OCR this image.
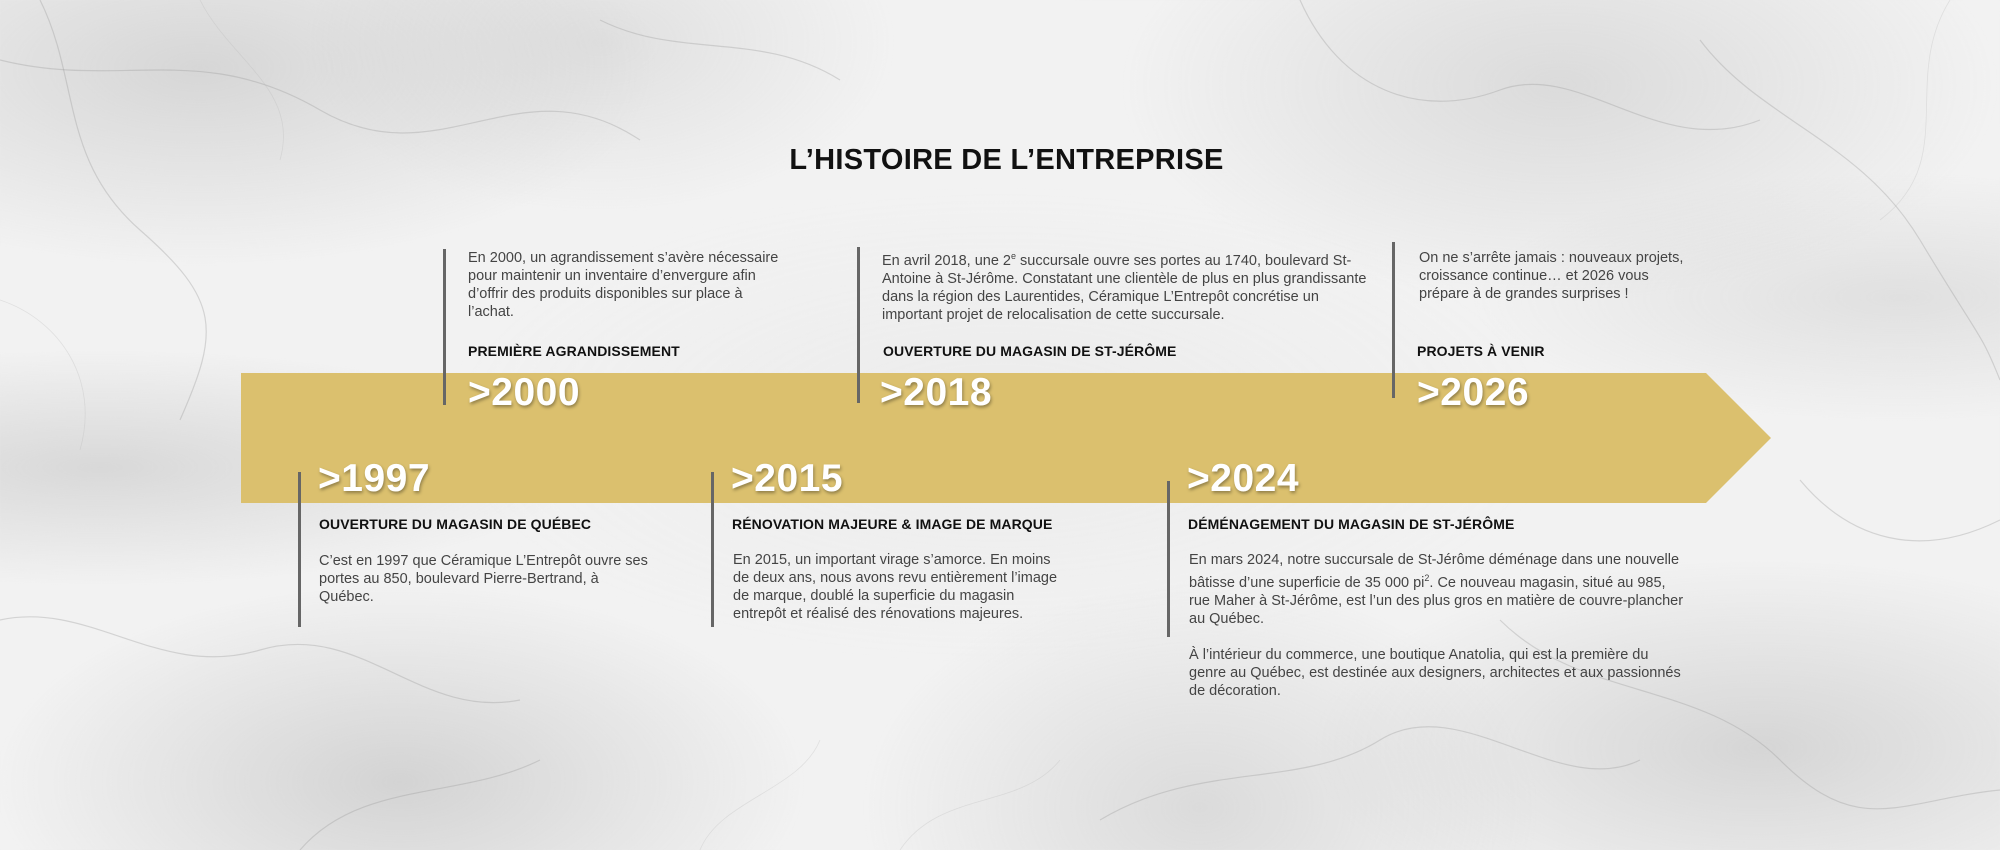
L’HISTOIRE DE L’ENTREPRISE
>1997
OUVERTURE DU MAGASIN DE QUÉBEC

C’est en 1997 que Céramique L’Entrepôt ouvre ses portes au 850, boulevard Pierre-Bertrand, à Québec.

En 2000, un agrandissement s’avère nécessaire pour maintenir un inventaire d’envergure afin d’offrir des produits disponibles sur place à l’achat.

PREMIÈRE AGRANDISSEMENT
>2000
>2015
RÉNOVATION MAJEURE & IMAGE DE MARQUE

En 2015, un important virage s’amorce. En moins de deux ans, nous avons revu entièrement l’image de marque, doublé la superficie du magasin entrepôt et réalisé des rénovations majeures.

En avril 2018, une 2e succursale ouvre ses portes au 1740, boulevard St-Antoine à St-Jérôme. Constatant une clientèle de plus en plus grandissante dans la région des Laurentides, Céramique L’Entrepôt concrétise un important projet de relocalisation de cette succursale.

OUVERTURE DU MAGASIN DE ST-JÉRÔME
>2018
>2024
DÉMÉNAGEMENT DU MAGASIN DE ST-JÉRÔME

En mars 2024, notre succursale de St-Jérôme déménage dans une nouvelle bâtisse d’une superficie de 35 000 $pi^2$. Ce nouveau magasin, situé au 985, rue Maher à St-Jérôme, est l’un des plus gros en matière de couvre-plancher au Québec.

À l’intérieur du commerce, une boutique Anatolia, qui est la première du genre au Québec, est destinée aux designers, architectes et aux passionnés de décoration.

On ne s’arrête jamais : nouveaux projets, croissance continue… et 2026 vous prépare à de grandes surprises !

PROJETS À VENIR
>2026
